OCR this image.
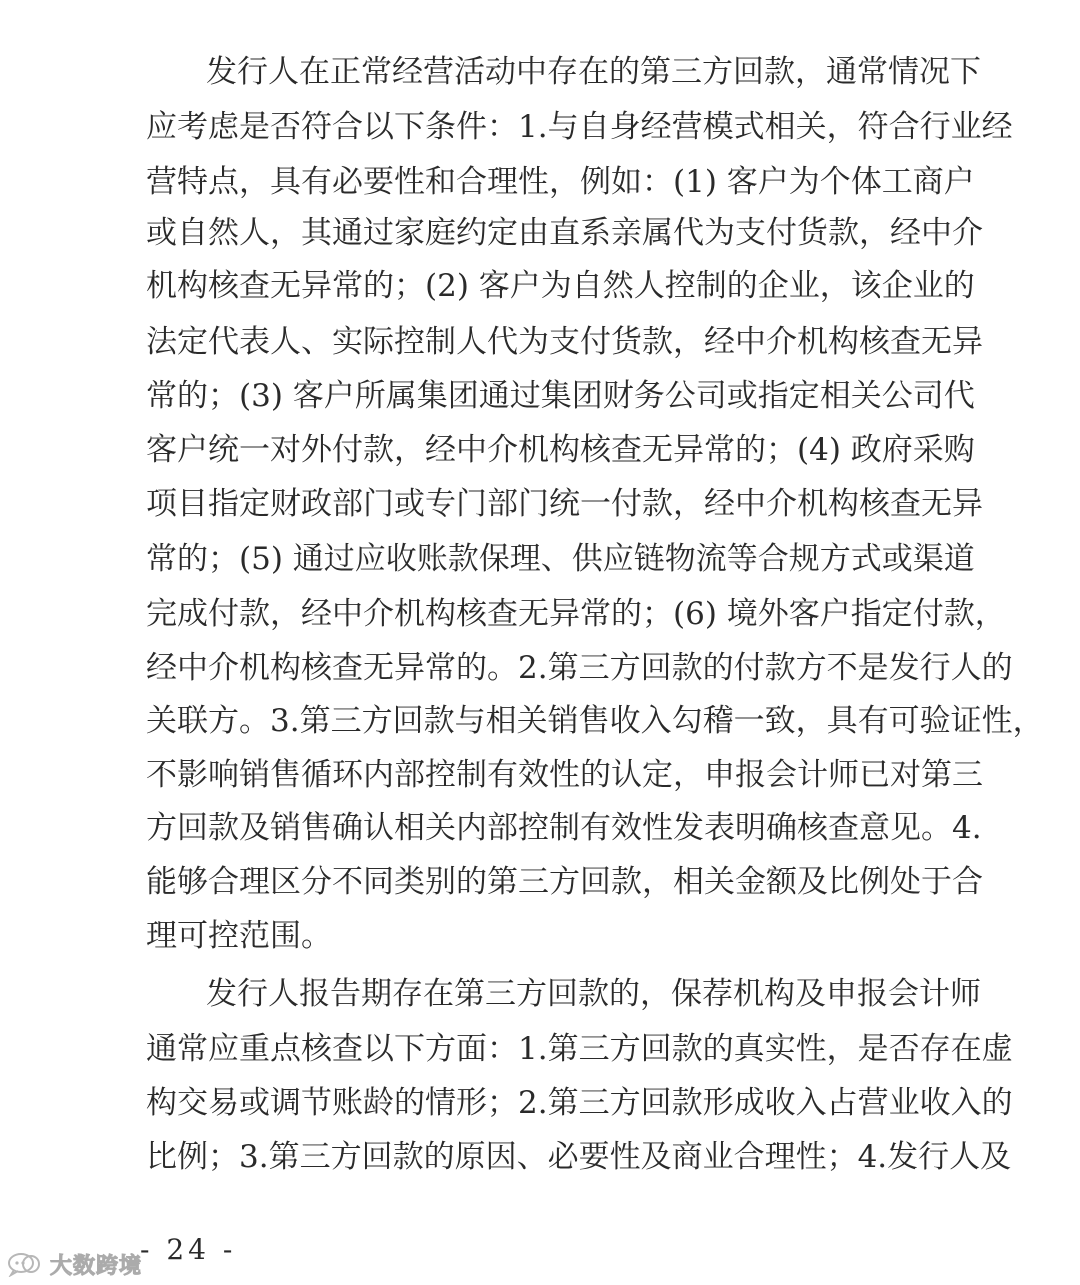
发行人在正常经营活动中存在的第三方回款，通常情况下
应考虑是否符合以下条件：1.与自身经营模式相关，符合行业经
营特点，具有必要性和合理性，例如：(1) 客户为个体工商户
或自然人，其通过家庭约定由直系亲属代为支付货款，经中介
机构核查无异常的；(2) 客户为自然人控制的企业，该企业的
法定代表人、实际控制人代为支付货款，经中介机构核查无异
常的；(3) 客户所属集团通过集团财务公司或指定相关公司代
客户统一对外付款，经中介机构核查无异常的；(4) 政府采购
项目指定财政部门或专门部门统一付款，经中介机构核查无异
常的；(5) 通过应收账款保理、供应链物流等合规方式或渠道
完成付款，经中介机构核查无异常的；(6) 境外客户指定付款，
经中介机构核查无异常的。2.第三方回款的付款方不是发行人的
关联方。3.第三方回款与相关销售收入勾稽一致，具有可验证性，
不影响销售循环内部控制有效性的认定，申报会计师已对第三
方回款及销售确认相关内部控制有效性发表明确核查意见。4.
能够合理区分不同类别的第三方回款，相关金额及比例处于合
理可控范围。
发行人报告期存在第三方回款的，保荐机构及申报会计师
通常应重点核查以下方面：1.第三方回款的真实性，是否存在虚
构交易或调节账龄的情形；2.第三方回款形成收入占营业收入的
比例；3.第三方回款的原因、必要性及商业合理性；4.发行人及
- 24 -
大数跨境
